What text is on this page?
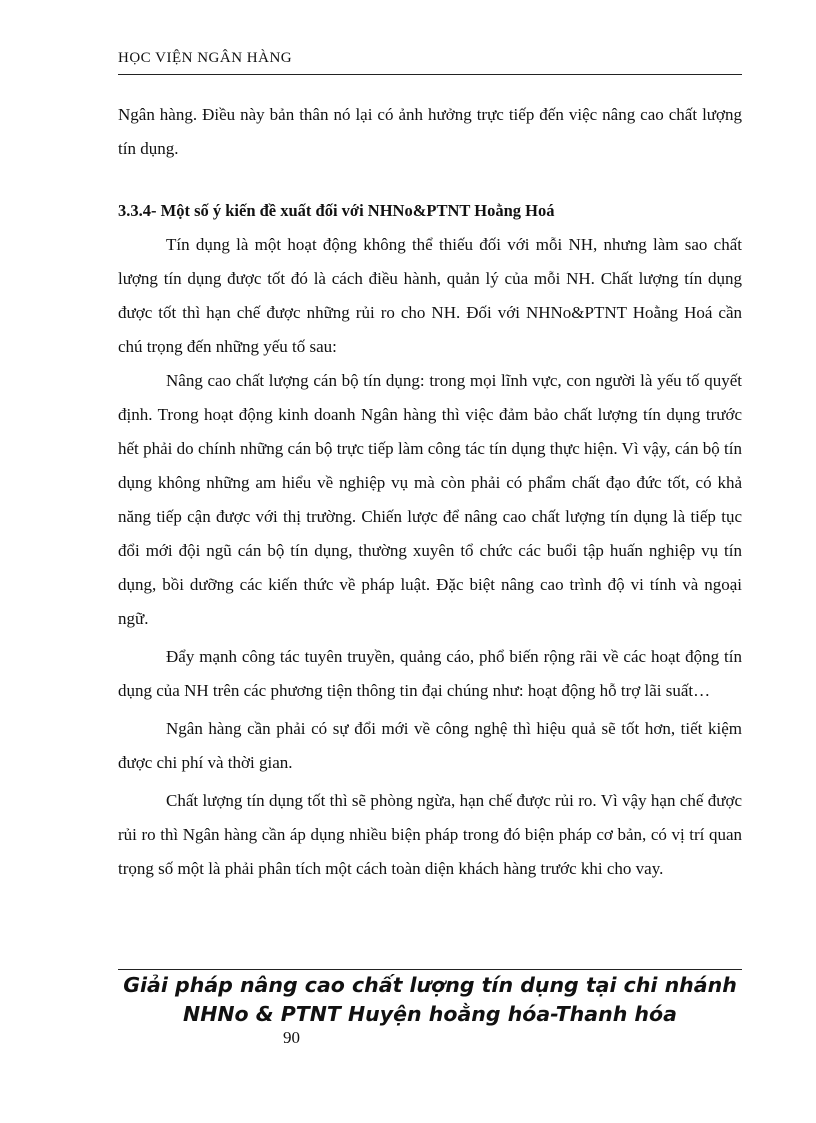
HỌC VIỆN NGÂN HÀNG

Ngân hàng. Điều này bản thân nó lại có ảnh hưởng trực tiếp đến việc nâng cao chất lượng tín dụng.

3.3.4- Một số ý kiến đề xuất đối với NHNo&PTNT Hoằng Hoá

Tín dụng là một hoạt động không thể thiếu đối với mỗi NH, nhưng làm sao chất lượng tín dụng được tốt đó là cách điều hành, quản lý của mỗi NH. Chất lượng tín dụng được tốt thì hạn chế được những rủi ro cho NH. Đối với NHNo&PTNT Hoằng Hoá cần chú trọng đến những yếu tố sau:

Nâng cao chất lượng cán bộ tín dụng: trong mọi lĩnh vực, con người là yếu tố quyết định. Trong hoạt động kinh doanh Ngân hàng thì việc đảm bảo chất lượng tín dụng trước hết phải do chính những cán bộ trực tiếp làm công tác tín dụng thực hiện. Vì vậy, cán bộ tín dụng không những am hiểu về nghiệp vụ mà còn phải có phẩm chất đạo đức tốt, có khả năng tiếp cận được với thị trường. Chiến lược để nâng cao chất lượng tín dụng là tiếp tục đổi mới đội ngũ cán bộ tín dụng, thường xuyên tổ chức các buổi tập huấn nghiệp vụ tín dụng, bồi dưỡng các kiến thức về pháp luật. Đặc biệt nâng cao trình độ vi tính và ngoại ngữ.

Đẩy mạnh công tác tuyên truyền, quảng cáo, phổ biến rộng rãi về các hoạt động tín dụng của NH trên các phương tiện thông tin đại chúng như: hoạt động hỗ trợ lãi suất…

Ngân hàng cần phải có sự đổi mới về công nghệ thì hiệu quả sẽ tốt hơn, tiết kiệm được chi phí và thời gian.

Chất lượng tín dụng tốt thì sẽ phòng ngừa, hạn chế được rủi ro. Vì vậy hạn chế được rủi ro thì Ngân hàng cần áp dụng nhiều biện pháp trong đó biện pháp cơ bản, có vị trí quan trọng số một là phải phân tích một cách toàn diện khách hàng trước khi cho vay.

Giải pháp nâng cao chất lượng tín dụng tại chi nhánh
NHNo & PTNT Huyện hoằng hóa-Thanh hóa
90
